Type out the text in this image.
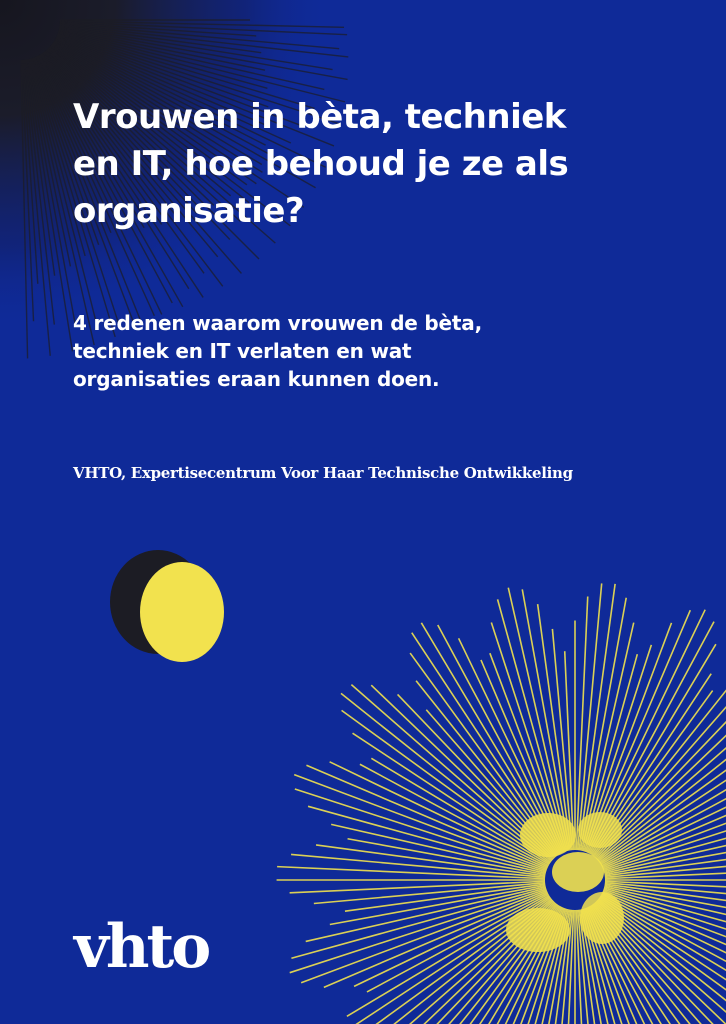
Vrouwen in bèta, techniek
en IT, hoe behoud je ze als
organisatie?

4 redenen waarom vrouwen de bèta,
techniek en IT verlaten en wat
organisaties eraan kunnen doen.

VHTO, Expertisecentrum Voor Haar Technische Ontwikkeling

vhto
